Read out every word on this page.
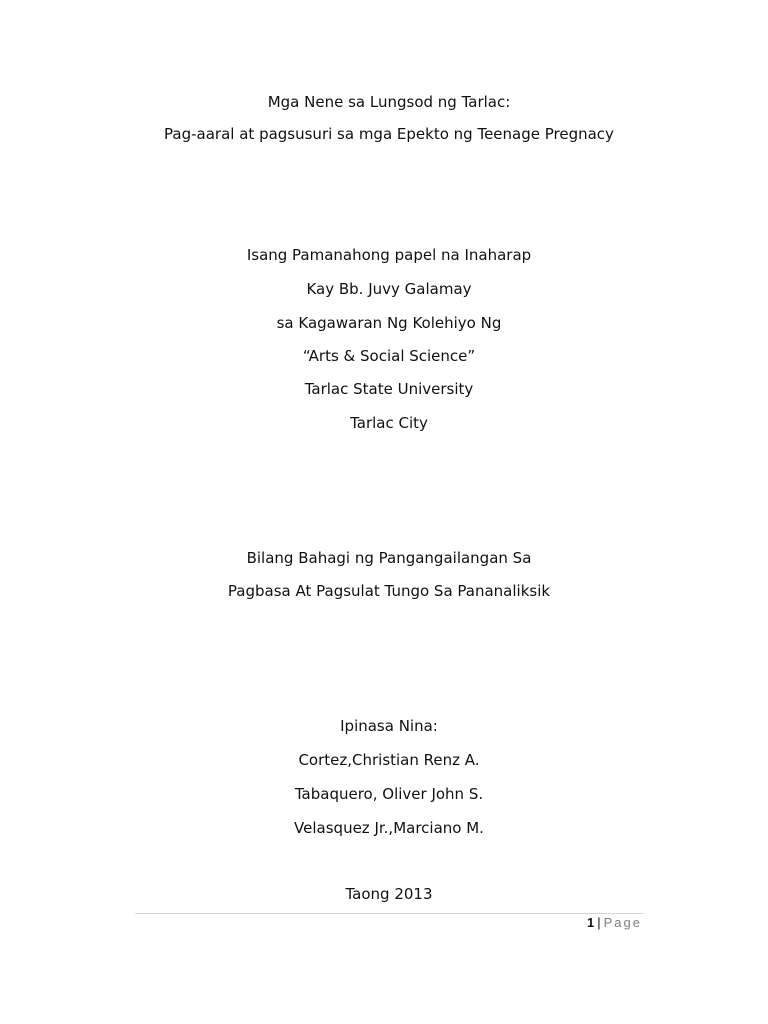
Mga Nene sa Lungsod ng Tarlac:
Pag-aaral at pagsusuri sa mga Epekto ng Teenage Pregnacy
Isang Pamanahong papel na Inaharap
Kay Bb. Juvy Galamay
sa Kagawaran Ng Kolehiyo Ng
“Arts & Social Science”
Tarlac State University
Tarlac City
Bilang Bahagi ng Pangangailangan Sa
Pagbasa At Pagsulat Tungo Sa Pananaliksik
Ipinasa Nina:
Cortez,Christian Renz A.
Tabaquero, Oliver John S.
Velasquez Jr.,Marciano M.
Taong 2013
1 | Page
